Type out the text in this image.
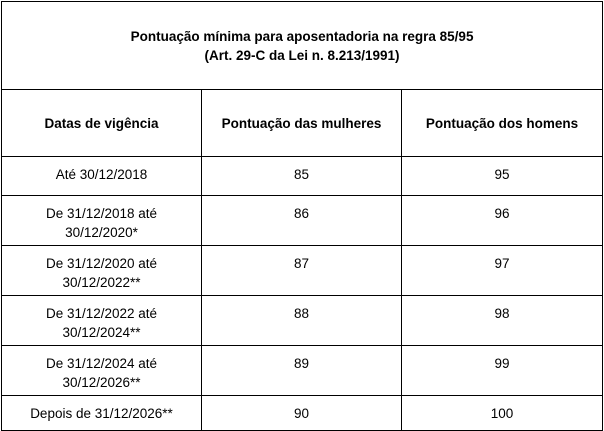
Pontuação mínima para aposentadoria na regra 85/95
(Art. 29-C da Lei n. 8.213/1991)		

Datas de vigência	Pontuação das mulheres	Pontuação dos homens
Até 30/12/2018	85	95
De 31/12/2018 até
30/12/2020*	86	96
De 31/12/2020 até
30/12/2022**	87	97
De 31/12/2022 até
30/12/2024**	88	98
De 31/12/2024 até
30/12/2026**	89	99
Depois de 31/12/2026**	90	100
